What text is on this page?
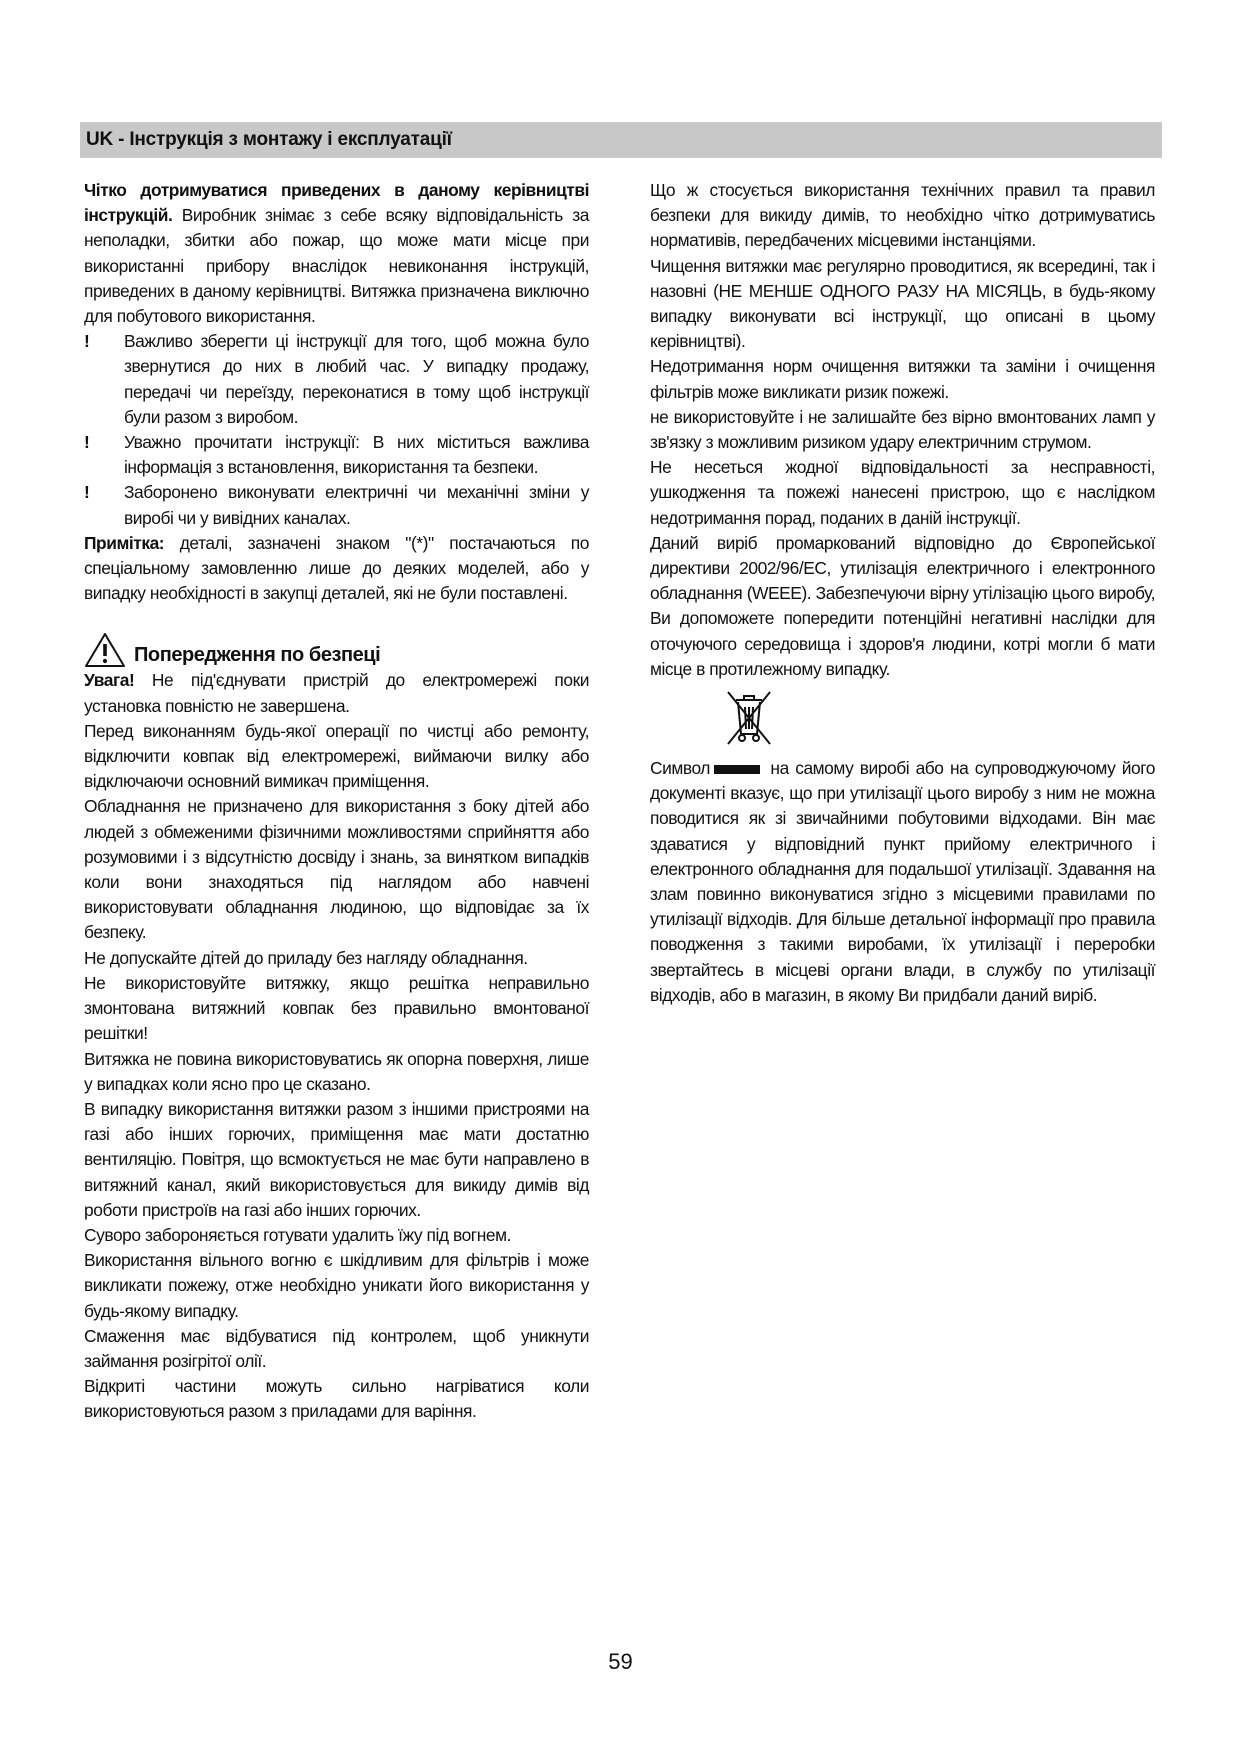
UK - Інструкція з монтажу і експлуатації

Чітко дотримуватися приведених в даному керівництві інструкцій. Виробник знімає з себе всяку відповідальність за неполадки, збитки або пожар, що може мати місце при використанні прибору внаслідок невиконання інструкцій, приведених в даному керівництві. Витяжка призначена виключно для побутового використання.

! Важливо зберегти ці інструкції для того, щоб можна було звернутися до них в любий час. У випадку продажу, передачі чи переїзду, переконатися в тому щоб інструкції були разом з виробом.
! Уважно прочитати інструкції: В них міститься важлива інформація з встановлення, використання та безпеки.
! Заборонено виконувати електричні чи механічні зміни у виробі чи у вивідних каналах.

Примітка: деталі, зазначені знаком "(*)" постачаються по спеціальному замовленню лише до деяких моделей, або у випадку необхідності в закупці деталей, які не були поставлені.

Попередження по безпеці

Увага! Не під'єднувати пристрій до електромережі поки установка повністю не завершена.

Перед виконанням будь-якої операції по чистці або ремонту, відключити ковпак від електромережі, виймаючи вилку або відключаючи основний вимикач приміщення.

Обладнання не призначено для використання з боку дітей або людей з обмеженими фізичними можливостями сприйняття або розумовими і з відсутністю досвіду і знань, за винятком випадків коли вони знаходяться під наглядом або навчені використовувати обладнання людиною, що відповідає за їх безпеку.

Не допускайте дітей до приладу без нагляду обладнання.

Не використовуйте витяжку, якщо решітка неправильно змонтована витяжний ковпак без правильно вмонтованої решітки!

Витяжка не повина використовуватись як опорна поверхня, лише у випадках коли ясно про це сказано.

В випадку використання витяжки разом з іншими пристроями на газі або інших горючих, приміщення має мати достатню вентиляцію. Повітря, що всмоктується не має бути направлено в витяжний канал, який використовується для викиду димів від роботи пристроїв на газі або інших горючих.

Суворо забороняється готувати удалить їжу під вогнем.

Використання вільного вогню є шкідливим для фільтрів і може викликати пожежу, отже необхідно уникати його використання у будь-якому випадку.

Смаження має відбуватися під контролем, щоб уникнути займання розігрітої олії.

Відкриті частини можуть сильно нагріватися коли використовуються разом з приладами для варіння.

Що ж стосується використання технічних правил та правил безпеки для викиду димів, то необхідно чітко дотримуватись нормативів, передбачених місцевими інстанціями.

Чищення витяжки має регулярно проводитися, як всередині, так і назовні (НЕ МЕНШЕ ОДНОГО РАЗУ НА МІСЯЦЬ, в будь-якому випадку виконувати всі інструкції, що описані в цьому керівництві).

Недотримання норм очищення витяжки та заміни і очищення фільтрів може викликати ризик пожежі.

не використовуйте і не залишайте без вірно вмонтованих ламп у зв'язку з можливим ризиком удару електричним струмом.

Не несеться жодної відповідальності за несправності, ушкодження та пожежі нанесені пристрою, що є наслідком недотримання порад, поданих в даній інструкції.

Даний виріб промаркований відповідно до Європейської директиви 2002/96/ЕС, утилізація електричного і електронного обладнання (WEEE). Забезпечуючи вірну утілізацію цього виробу, Ви допоможете попередити потенційні негативні наслідки для оточуючого середовища і здоров'я людини, котрі могли б мати місце в протилежному випадку.

Символ	на самому виробі або на супроводжуючому його документі вказує, що при утилізації цього виробу з ним не можна поводитися як зі звичайними побутовими відходами. Він має здаватися у відповідний пункт прийому електричного і електронного обладнання для подальшої утилізації. Здавання на злам повинно виконуватися згідно з місцевими правилами по утилізації відходів. Для більше детальної інформації про правила поводження з такими виробами, їх утилізації і переробки звертайтесь в місцеві органи влади, в службу по утилізації відходів, або в магазин, в якому Ви придбали даний виріб.

59
